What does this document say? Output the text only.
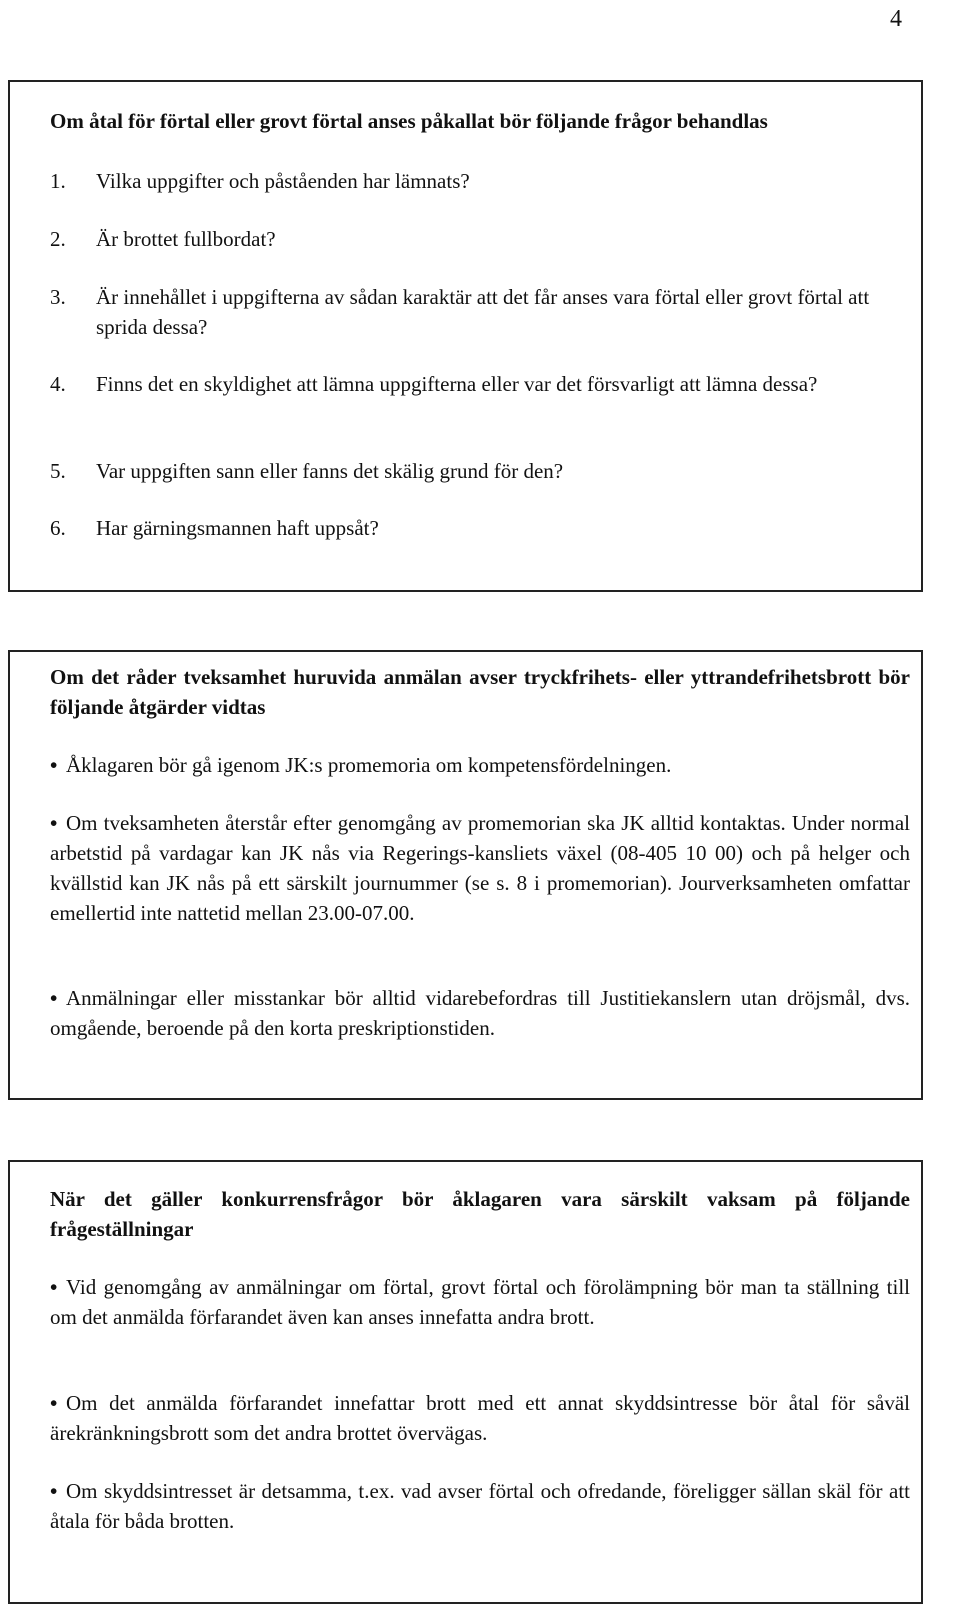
4

Om åtal för förtal eller grovt förtal anses påkallat bör följande frågor behandlas

1.	Vilka uppgifter och påståenden har lämnats?
2.	Är brottet fullbordat?
3.	Är innehållet i uppgifterna av sådan karaktär att det får anses vara förtal eller grovt förtal att sprida dessa?
4.	Finns det en skyldighet att lämna uppgifterna eller var det försvarligt att lämna dessa?
5.	Var uppgiften sann eller fanns det skälig grund för den?
6.	Har gärningsmannen haft uppsåt?

Om det råder tveksamhet huruvida anmälan avser tryckfrihets- eller yttrandefrihetsbrott bör följande åtgärder vidtas

• Åklagaren bör gå igenom JK:s promemoria om kompetensfördelningen.

• Om tveksamheten återstår efter genomgång av promemorian ska JK alltid kontaktas. Under normal arbetstid på vardagar kan JK nås via Regerings-kansliets växel (08-405 10 00) och på helger och kvällstid kan JK nås på ett särskilt journummer (se s. 8 i promemorian). Jourverksamheten omfattar emellertid inte nattetid mellan 23.00-07.00.

• Anmälningar eller misstankar bör alltid vidarebefordras till Justitiekanslern utan dröjsmål, dvs. omgående, beroende på den korta preskriptionstiden.

När det gäller konkurrensfrågor bör åklagaren vara särskilt vaksam på följande frågeställningar

• Vid genomgång av anmälningar om förtal, grovt förtal och förolämpning bör man ta ställning till om det anmälda förfarandet även kan anses innefatta andra brott.

• Om det anmälda förfarandet innefattar brott med ett annat skyddsintresse bör åtal för såväl ärekränkningsbrott som det andra brottet övervägas.

• Om skyddsintresset är detsamma, t.ex. vad avser förtal och ofredande, föreligger sällan skäl för att åtala för båda brotten.
